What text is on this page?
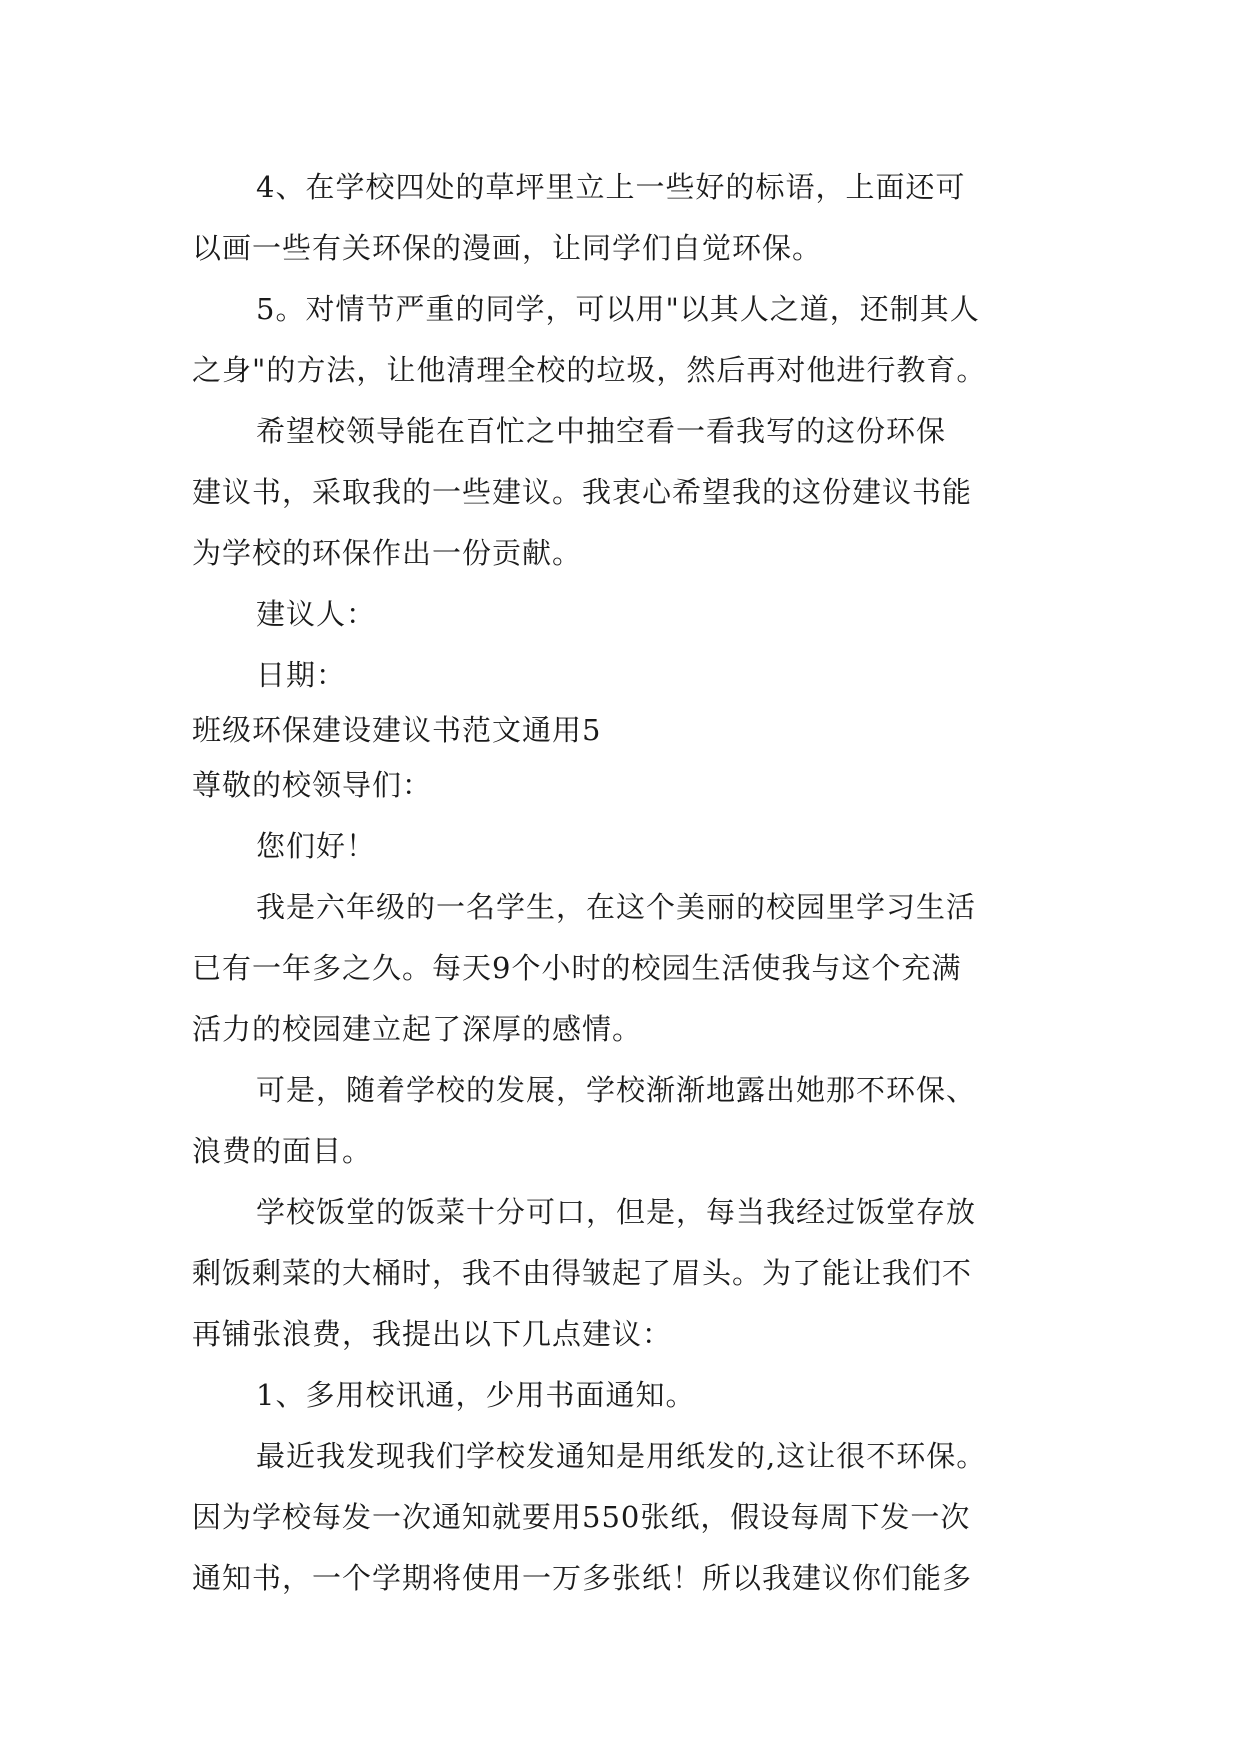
4、在学校四处的草坪里立上一些好的标语，上面还可
以画一些有关环保的漫画，让同学们自觉环保。
5。对情节严重的同学，可以用"以其人之道，还制其人
之身"的方法，让他清理全校的垃圾，然后再对他进行教育。
希望校领导能在百忙之中抽空看一看我写的这份环保
建议书，采取我的一些建议。我衷心希望我的这份建议书能
为学校的环保作出一份贡献。
建议人：
日期：
班级环保建设建议书范文通用5
尊敬的校领导们：
您们好！
我是六年级的一名学生，在这个美丽的校园里学习生活
已有一年多之久。每天9个小时的校园生活使我与这个充满
活力的校园建立起了深厚的感情。
可是，随着学校的发展，学校渐渐地露出她那不环保、
浪费的面目。
学校饭堂的饭菜十分可口，但是，每当我经过饭堂存放
剩饭剩菜的大桶时，我不由得皱起了眉头。为了能让我们不
再铺张浪费，我提出以下几点建议：
1、多用校讯通，少用书面通知。
最近我发现我们学校发通知是用纸发的,这让很不环保。
因为学校每发一次通知就要用550张纸，假设每周下发一次
通知书，一个学期将使用一万多张纸！所以我建议你们能多
